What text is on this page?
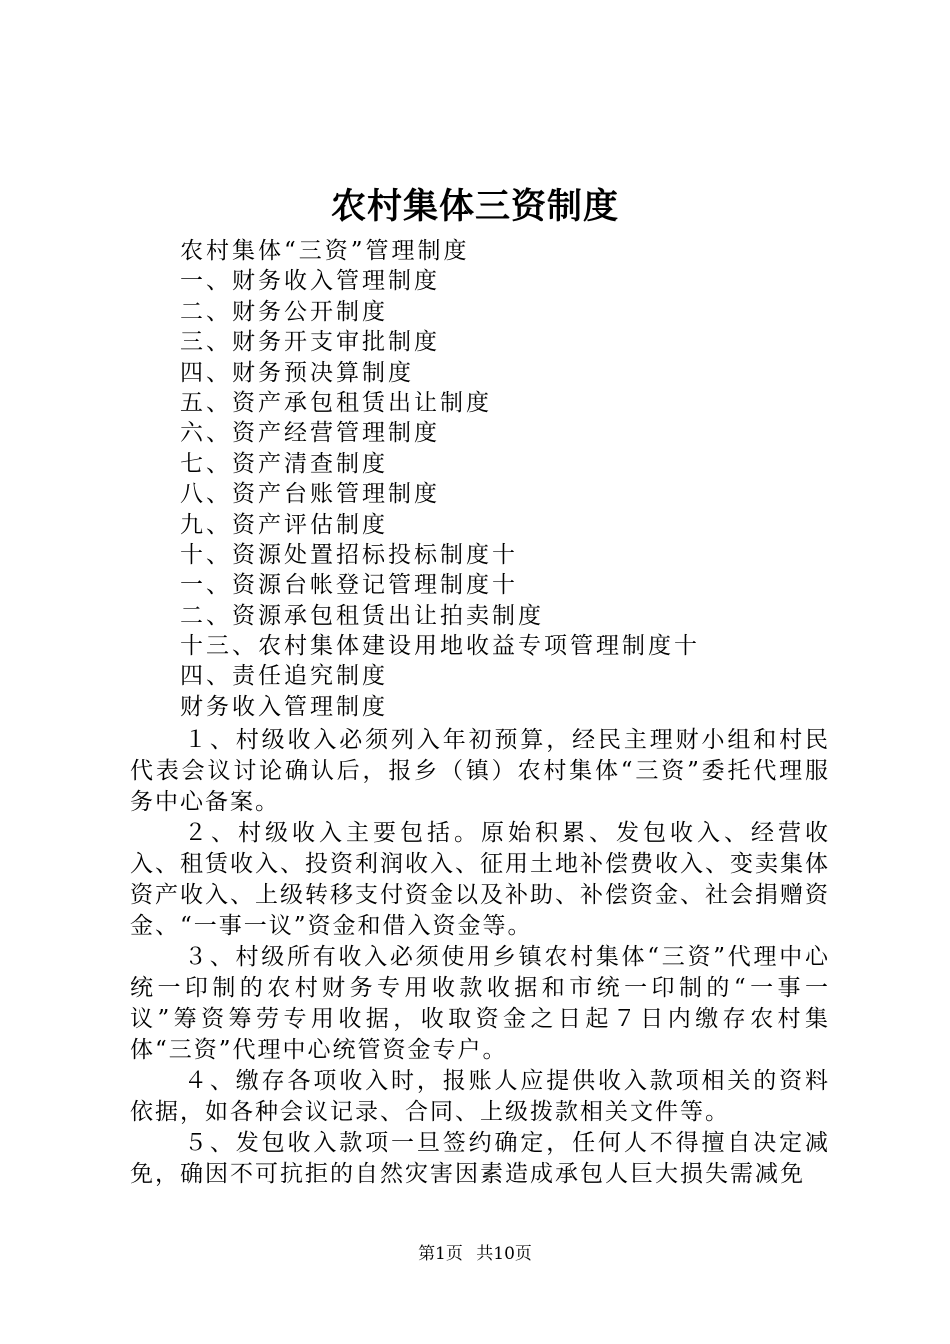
农村集体三资制度
农村集体“三资”管理制度
一、财务收入管理制度
二、财务公开制度
三、财务开支审批制度
四、财务预决算制度
五、资产承包租赁出让制度
六、资产经营管理制度
七、资产清查制度
八、资产台账管理制度
九、资产评估制度
十、资源处置招标投标制度十
一、资源台帐登记管理制度十
二、资源承包租赁出让拍卖制度
十三、农村集体建设用地收益专项管理制度十
四、责任追究制度
财务收入管理制度

１、村级收入必须列入年初预算，经民主理财小组和村民代表会议讨论确认后，报乡（镇）农村集体“三资”委托代理服务中心备案。

２、村级收入主要包括。原始积累、发包收入、经营收入、租赁收入、投资利润收入、征用土地补偿费收入、变卖集体资产收入、上级转移支付资金以及补助、补偿资金、社会捐赠资金、“一事一议”资金和借入资金等。

３、村级所有收入必须使用乡镇农村集体“三资”代理中心统一印制的农村财务专用收款收据和市统一印制的“一事一议”筹资筹劳专用收据，收取资金之日起７日内缴存农村集体“三资”代理中心统管资金专户。

４、缴存各项收入时，报账人应提供收入款项相关的资料依据，如各种会议记录、合同、上级拨款相关文件等。

５、发包收入款项一旦签约确定，任何人不得擅自决定减免，确因不可抗拒的自然灾害因素造成承包人巨大损失需减免

第1页 共10页
